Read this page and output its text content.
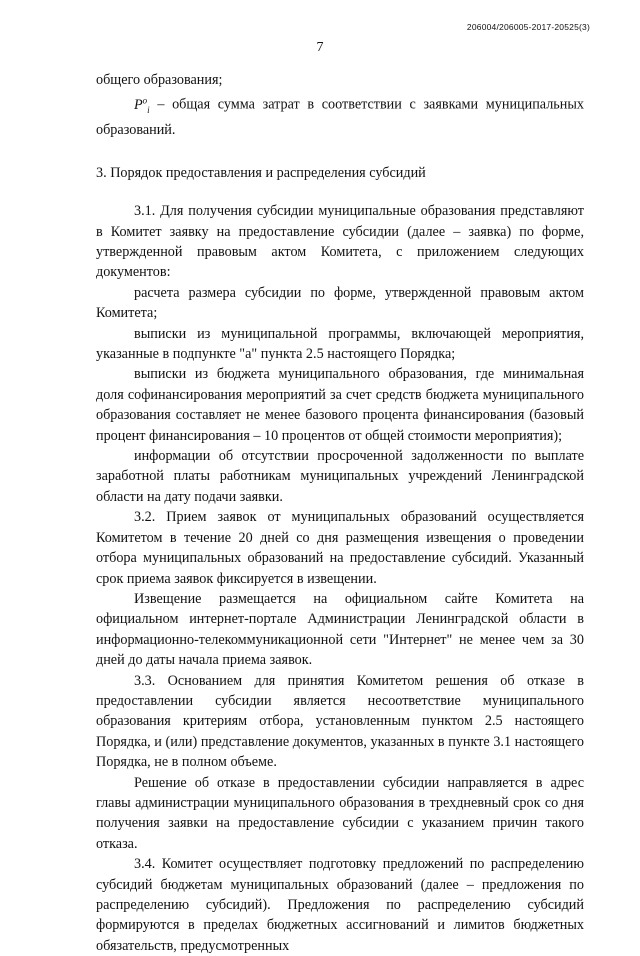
206004/206005-2017-20525(3)
7

общего образования;

$P^o_i$ – общая сумма затрат в соответствии с заявками муниципальных образований.

3. Порядок предоставления и распределения субсидий

3.1. Для получения субсидии муниципальные образования представляют в Комитет заявку на предоставление субсидии (далее – заявка) по форме, утвержденной правовым актом Комитета, с приложением следующих документов:

расчета размера субсидии по форме, утвержденной правовым актом Комитета;

выписки из муниципальной программы, включающей мероприятия, указанные в подпункте "а" пункта 2.5 настоящего Порядка;

выписки из бюджета муниципального образования, где минимальная доля софинансирования мероприятий за счет средств бюджета муниципального образования составляет не менее базового процента финансирования (базовый процент финансирования – 10 процентов от общей стоимости мероприятия);

информации об отсутствии просроченной задолженности по выплате заработной платы работникам муниципальных учреждений Ленинградской области на дату подачи заявки.

3.2. Прием заявок от муниципальных образований осуществляется Комитетом в течение 20 дней со дня размещения извещения о проведении отбора муниципальных образований на предоставление субсидий. Указанный срок приема заявок фиксируется в извещении.

Извещение размещается на официальном сайте Комитета на официальном интернет-портале Администрации Ленинградской области в информационно-телекоммуникационной сети "Интернет" не менее чем за 30 дней до даты начала приема заявок.

3.3. Основанием для принятия Комитетом решения об отказе в предоставлении субсидии является несоответствие муниципального образования критериям отбора, установленным пунктом 2.5 настоящего Порядка, и (или) представление документов, указанных в пункте 3.1 настоящего Порядка, не в полном объеме.

Решение об отказе в предоставлении субсидии направляется в адрес главы администрации муниципального образования в трехдневный срок со дня получения заявки на предоставление субсидии с указанием причин такого отказа.

3.4. Комитет осуществляет подготовку предложений по распределению субсидий бюджетам муниципальных образований (далее – предложения по распределению субсидий). Предложения по распределению субсидий формируются в пределах бюджетных ассигнований и лимитов бюджетных обязательств, предусмотренных
